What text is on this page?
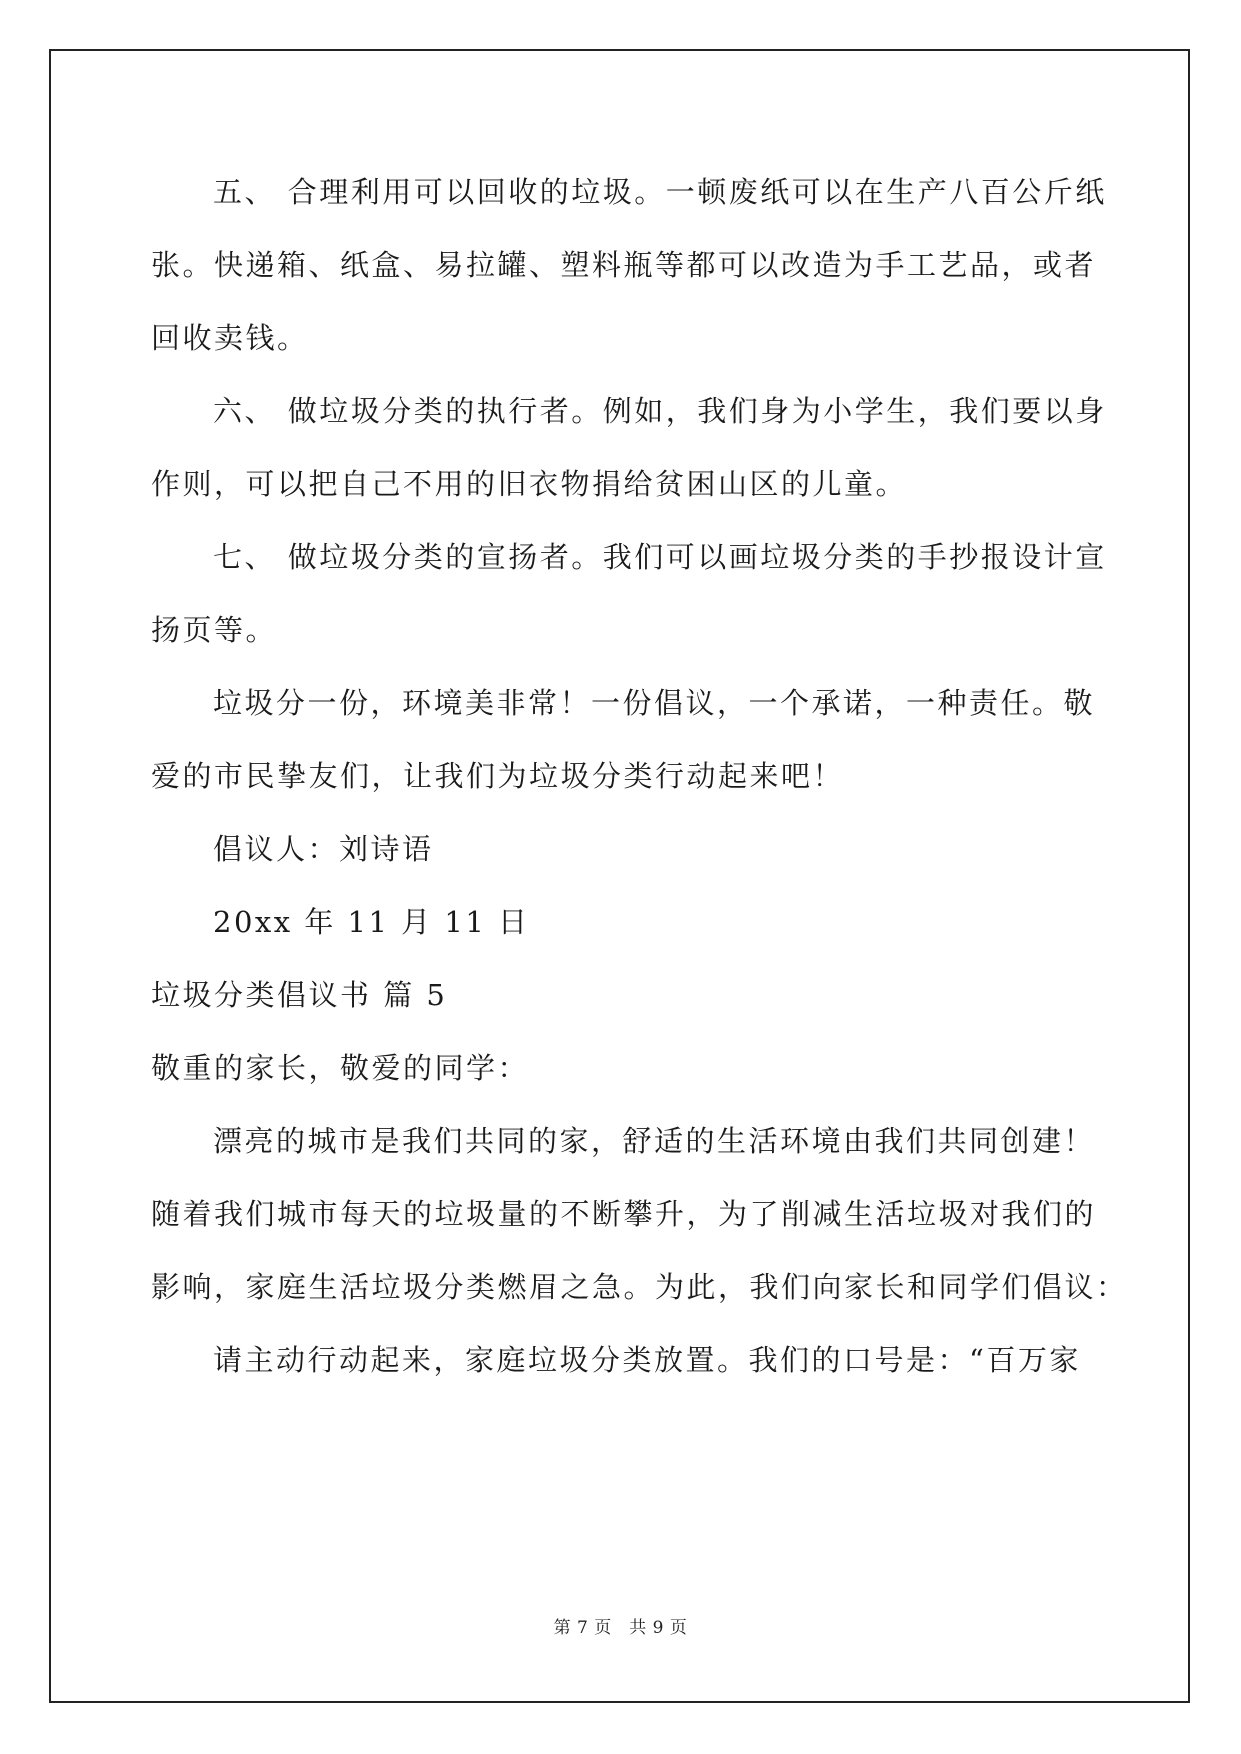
五、 合理利用可以回收的垃圾。一顿废纸可以在生产八百公斤纸
张。快递箱、纸盒、易拉罐、塑料瓶等都可以改造为手工艺品，或者
回收卖钱。
六、 做垃圾分类的执行者。例如，我们身为小学生，我们要以身
作则，可以把自己不用的旧衣物捐给贫困山区的儿童。
七、 做垃圾分类的宣扬者。我们可以画垃圾分类的手抄报设计宣
扬页等。
垃圾分一份，环境美非常！一份倡议，一个承诺，一种责任。敬
爱的市民挚友们，让我们为垃圾分类行动起来吧！
倡议人：刘诗语
20xx 年 11 月 11 日
垃圾分类倡议书 篇 5
敬重的家长，敬爱的同学：
漂亮的城市是我们共同的家，舒适的生活环境由我们共同创建！
随着我们城市每天的垃圾量的不断攀升，为了削减生活垃圾对我们的
影响，家庭生活垃圾分类燃眉之急。为此，我们向家长和同学们倡议：
请主动行动起来，家庭垃圾分类放置。我们的口号是：“百万家
第 7 页　共 9 页
